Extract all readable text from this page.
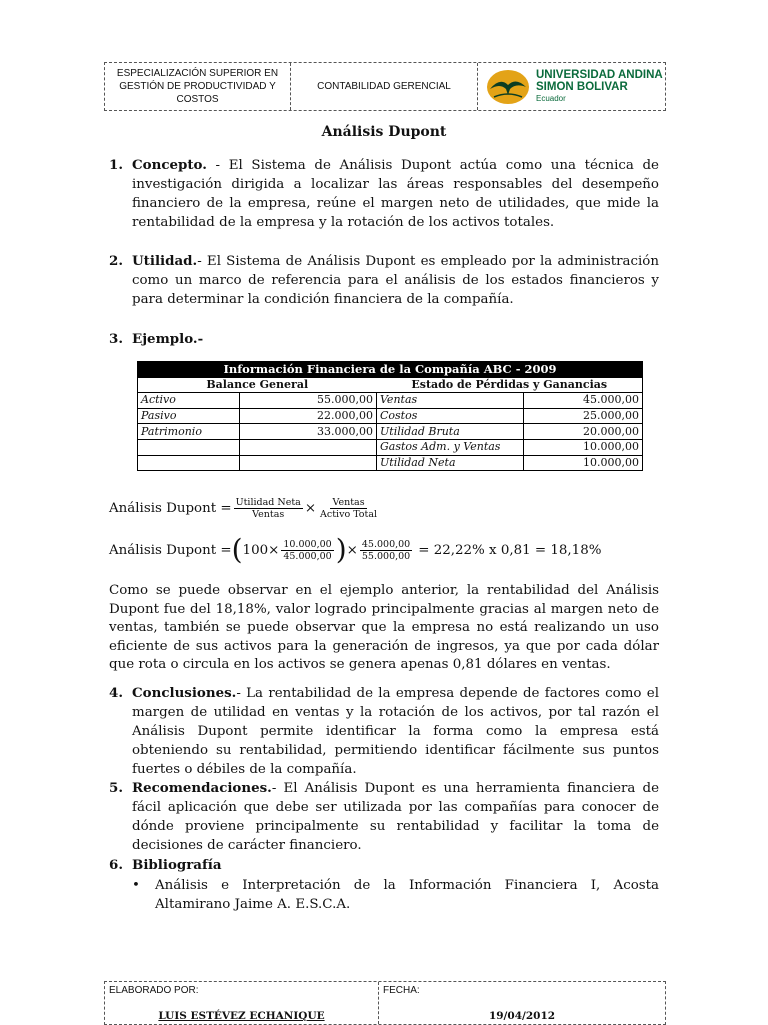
ESPECIALIZACIÓN SUPERIOR EN GESTIÓN DE PRODUCTIVIDAD Y COSTOS
CONTABILIDAD GERENCIAL
UNIVERSIDAD ANDINA
SIMON BOLIVAR
Ecuador
Análisis Dupont
1. Concepto. - El Sistema de Análisis Dupont actúa como una técnica de investigación dirigida a localizar las áreas responsables del desempeño financiero de la empresa, reúne el margen neto de utilidades, que mide la rentabilidad de la empresa y la rotación de los activos totales.
2. Utilidad.- El Sistema de Análisis Dupont es empleado por la administración como un marco de referencia para el análisis de los estados financieros y para determinar la condición financiera de la compañía.
3. Ejemplo.-
Información Financiera de la Compañía ABC - 2009			
Balance General		Estado de Pérdidas y Ganancias	
Activo	55.000,00	Ventas	45.000,00
Pasivo	22.000,00	Costos	25.000,00
Patrimonio	33.000,00	Utilidad Bruta	20.000,00
		Gastos Adm. y Ventas	10.000,00
		Utilidad Neta	10.000,00
Análisis Dupont = $\frac{\text{Utilidad Neta}}{\text{Ventas}} \times \frac{\text{Ventas}}{\text{Activo Total}}$
Análisis Dupont = ( $100 \times \frac{10.000,00}{45.000,00}$ ) × $\frac{45.000,00}{55.000,00} = 22,22\%$ x 0,81 = 18,18%
Como se puede observar en el ejemplo anterior, la rentabilidad del Análisis Dupont fue del 18,18%, valor logrado principalmente gracias al margen neto de ventas, también se puede observar que la empresa no está realizando un uso eficiente de sus activos para la generación de ingresos, ya que por cada dólar que rota o circula en los activos se genera apenas 0,81 dólares en ventas.
4. Conclusiones.- La rentabilidad de la empresa depende de factores como el margen de utilidad en ventas y la rotación de los activos, por tal razón el Análisis Dupont permite identificar la forma como la empresa está obteniendo su rentabilidad, permitiendo identificar fácilmente sus puntos fuertes o débiles de la compañía.
5. Recomendaciones.- El Análisis Dupont es una herramienta financiera de fácil aplicación que debe ser utilizada por las compañías para conocer de dónde proviene principalmente su rentabilidad y facilitar la toma de decisiones de carácter financiero.
6. Bibliografía
• Análisis e Interpretación de la Información Financiera I, Acosta Altamirano Jaime A. E.S.C.A.
ELABORADO POR:
LUIS ESTÉVEZ ECHANIQUE
FECHA:
19/04/2012
